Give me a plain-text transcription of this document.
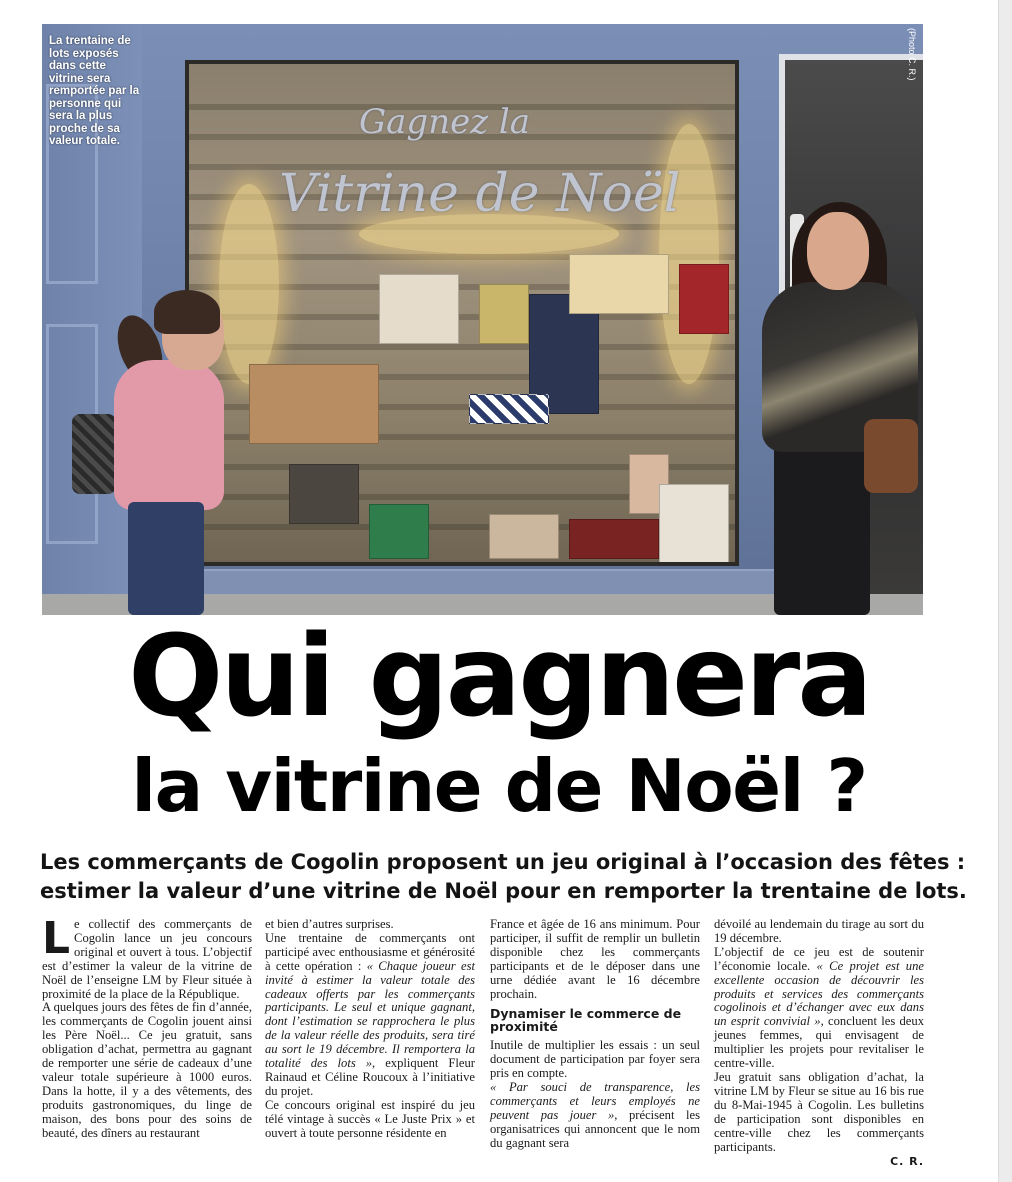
Gagnez la
Vitrine de Noël
La trentaine de lots exposés dans cette vitrine sera remportée par la personne qui sera la plus proche de sa valeur totale.
(Photo C. R.)
Qui gagnera
la vitrine de Noël ?
Les commerçants de Cogolin proposent un jeu original à l’occasion des fêtes :
estimer la valeur d’une vitrine de Noël pour en remporter la trentaine de lots.

Le collectif des commerçants de Cogolin lance un jeu concours original et ouvert à tous. L’objectif est d’estimer la valeur de la vitrine de Noël de l’enseigne LM by Fleur située à proximité de la place de la République.

A quelques jours des fêtes de fin d’année, les commerçants de Cogolin jouent ainsi les Père Noël... Ce jeu gratuit, sans obligation d’achat, permettra au gagnant de remporter une série de cadeaux d’une valeur totale supérieure à 1000 euros. Dans la hotte, il y a des vêtements, des produits gastronomiques, du linge de maison, des bons pour des soins de beauté, des dîners au restaurant

et bien d’autres surprises.

Une trentaine de commerçants ont participé avec enthousiasme et générosité à cette opération : « Chaque joueur est invité à estimer la valeur totale des cadeaux offerts par les commerçants participants. Le seul et unique gagnant, dont l’estimation se rapprochera le plus de la valeur réelle des produits, sera tiré au sort le 19 décembre. Il remportera la totalité des lots », expliquent Fleur Rainaud et Céline Roucoux à l’initiative du projet.

Ce concours original est inspiré du jeu télé vintage à succès « Le Juste Prix » et ouvert à toute personne résidente en

France et âgée de 16 ans minimum. Pour participer, il suffit de remplir un bulletin disponible chez les commerçants participants et de le déposer dans une urne dédiée avant le 16 décembre prochain.

Dynamiser le commerce de proximité

Inutile de multiplier les essais : un seul document de participation par foyer sera pris en compte.

« Par souci de transparence, les commerçants et leurs employés ne peuvent pas jouer », précisent les organisatrices qui annoncent que le nom du gagnant sera

dévoilé au lendemain du tirage au sort du 19 décembre.

L’objectif de ce jeu est de soutenir l’économie locale. « Ce projet est une excellente occasion de découvrir les produits et services des commerçants cogolinois et d’échanger avec eux dans un esprit convivial », concluent les deux jeunes femmes, qui envisagent de multiplier les projets pour revitaliser le centre-ville.

Jeu gratuit sans obligation d’achat, la vitrine LM by Fleur se situe au 16 bis rue du 8-Mai-1945 à Cogolin. Les bulletins de participation sont disponibles en centre-ville chez les commerçants participants.

C. R.
